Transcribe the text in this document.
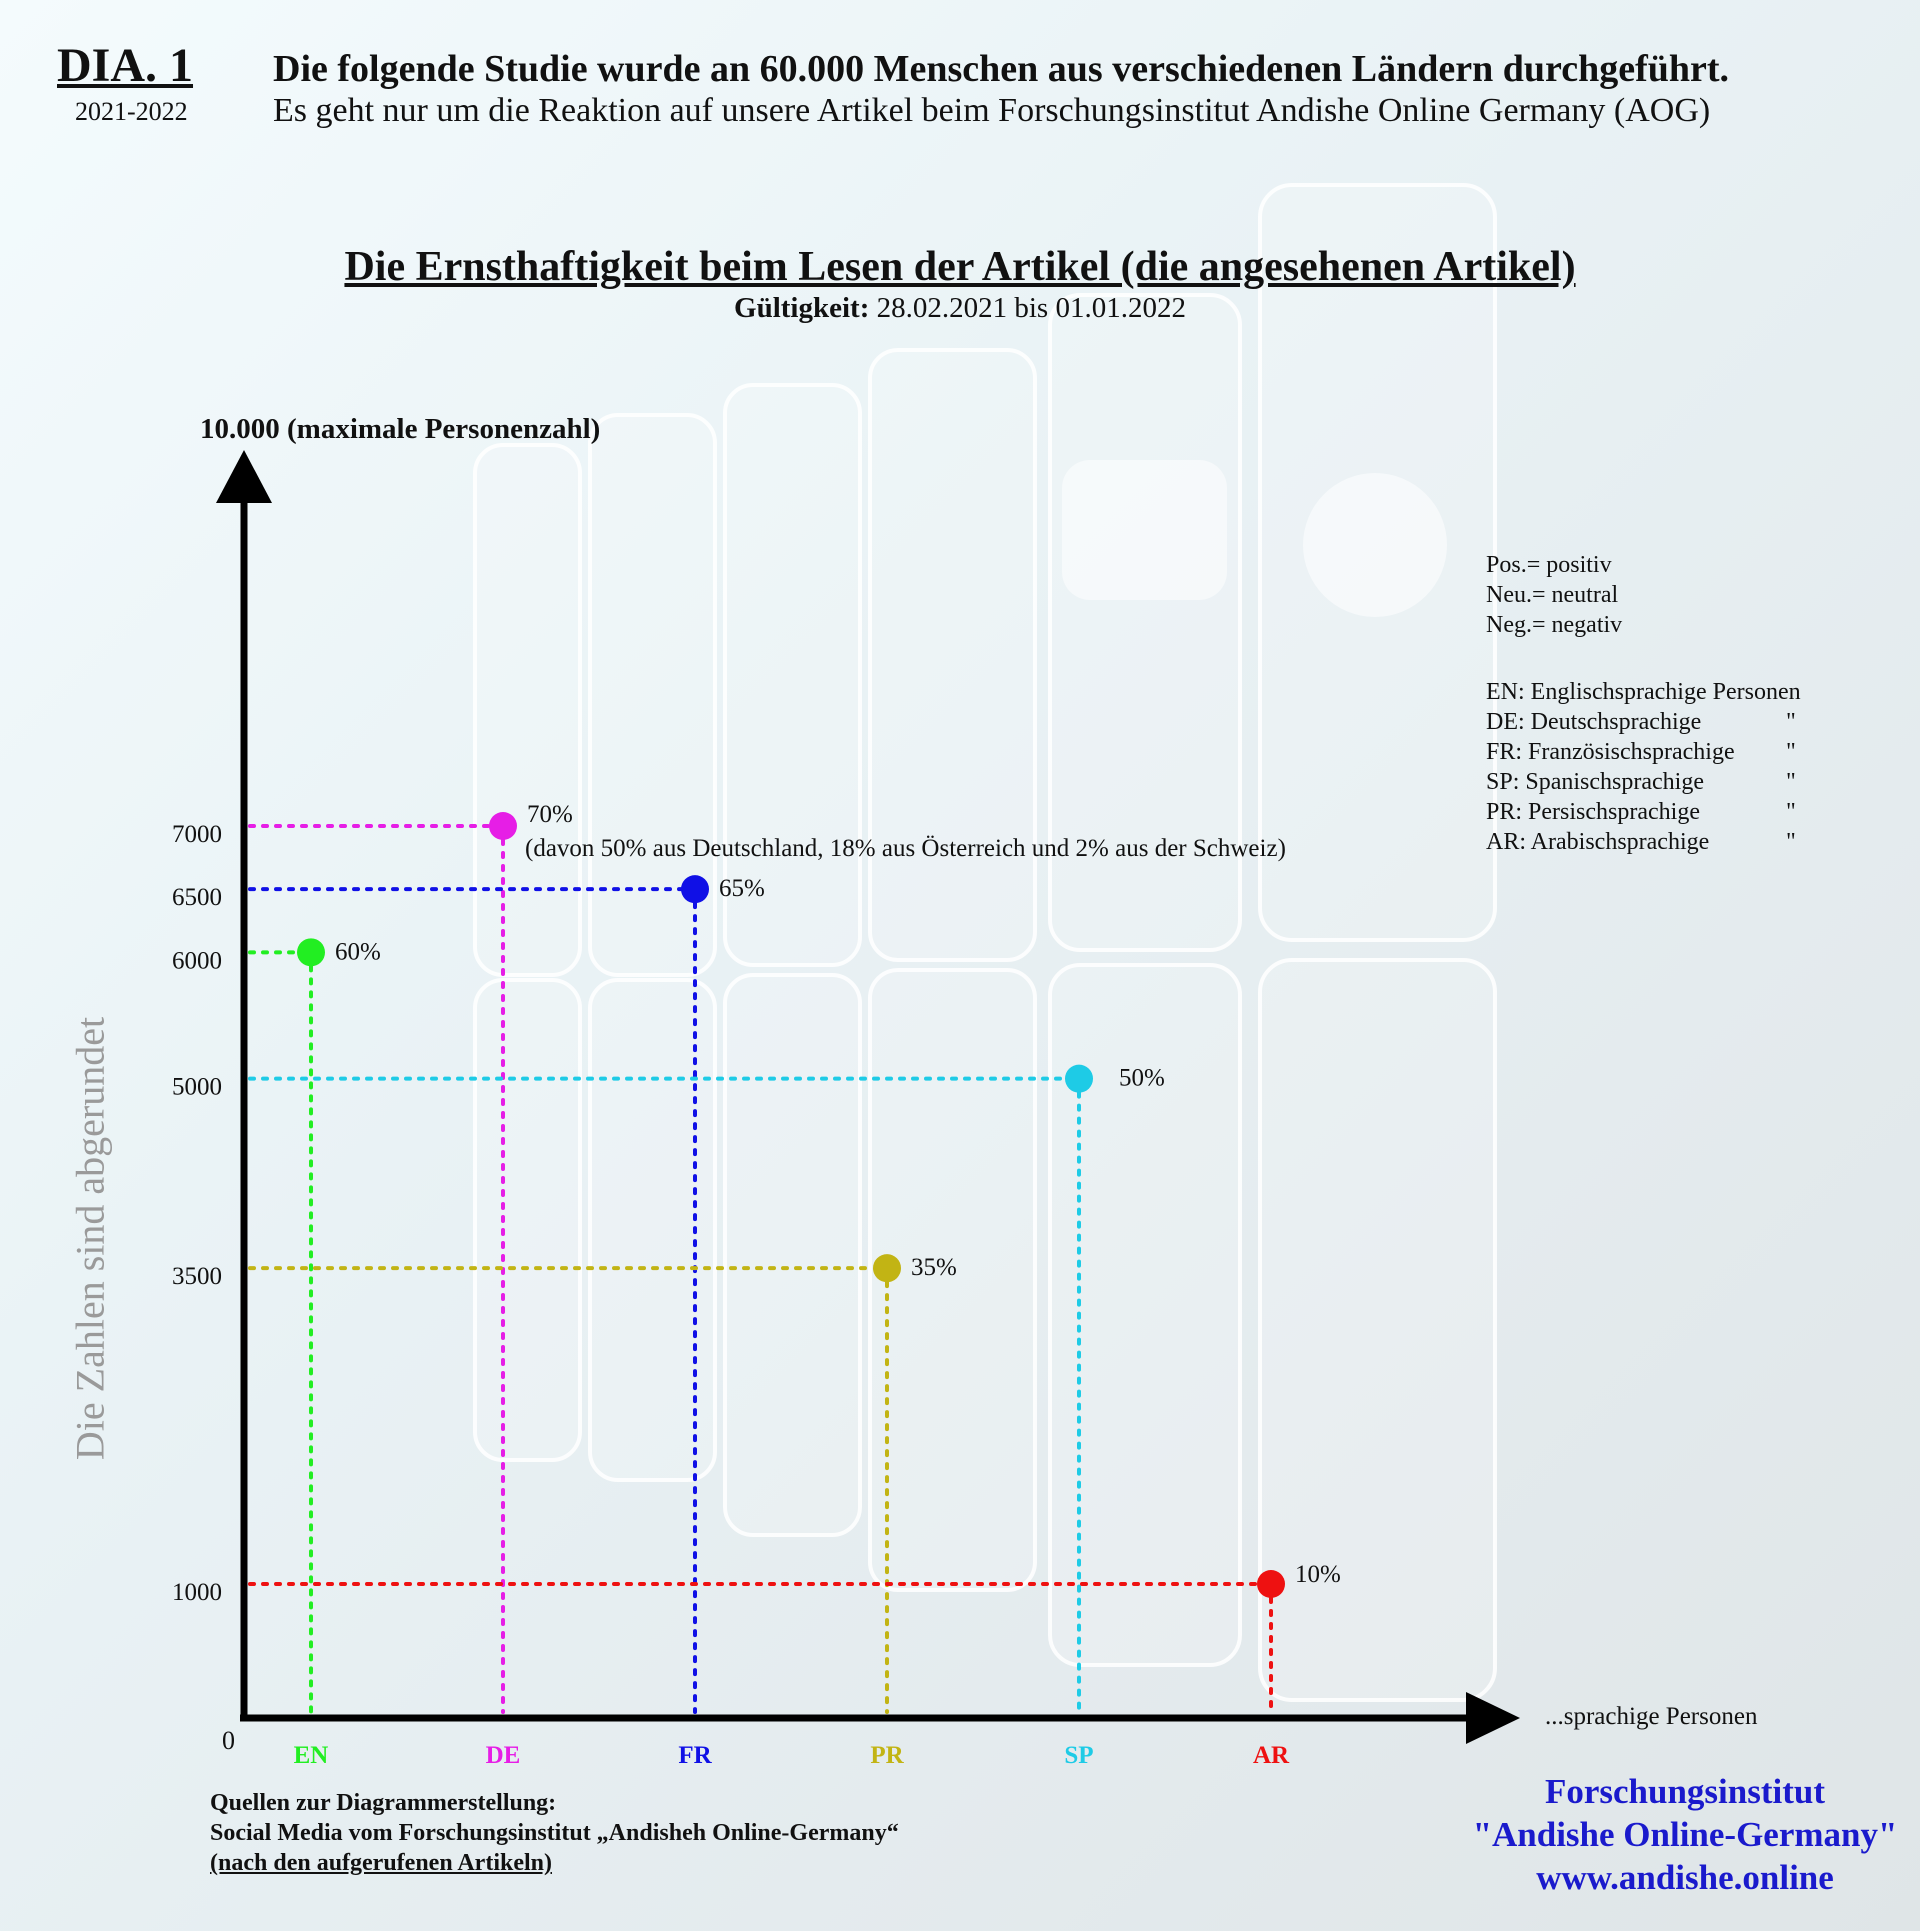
60%
6000
EN
70%
7000
DE
65%
6500
FR
35%
3500
PR
50%
5000
SP
10%
1000
AR
(davon 50% aus Deutschland, 18% aus Österreich und 2% aus der Schweiz)
10.000 (maximale Personenzahl)
...sprachige Personen
0
DIA. 1
2021-2022
Die folgende Studie wurde an 60.000 Menschen aus verschiedenen Ländern durchgeführt.
Es geht nur um die Reaktion auf unsere Artikel beim Forschungsinstitut Andishe Online Germany (AOG)
Die Ernsthaftigkeit beim Lesen der Artikel (die angesehenen Artikel)
Gültigkeit: 28.02.2021 bis 01.01.2022
Die Zahlen sind abgerundet
Pos.= positiv
Neu.= neutral
Neg.= negativ
EN: Englischsprachige Personen
DE: Deutschsprachige	"
FR: Französischsprachige "
SP: Spanischsprachige	"
PR: Persischsprachige	"
AR: Arabischsprachige	"
Quellen zur Diagrammerstellung:
Social Media vom Forschungsinstitut „Andisheh Online-Germany“
(nach den aufgerufenen Artikeln)
Forschungsinstitut
"Andishe Online-Germany"
www.andishe.online
